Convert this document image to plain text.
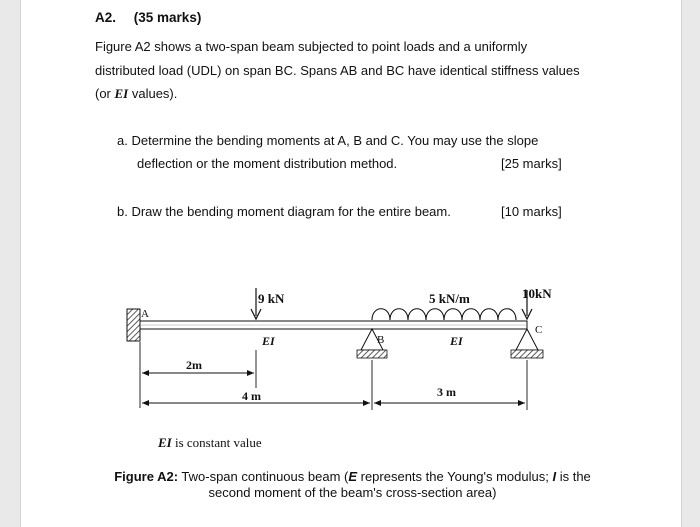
A2. (35 marks)
Figure A2 shows a two-span beam subjected to point loads and a uniformly
distributed load (UDL) on span BC. Spans AB and BC have identical stiffness values
(or EI values).
a. Determine the bending moments at A, B and C. You may use the slope
deflection or the moment distribution method.	[25 marks]
b. Draw the bending moment diagram for the entire beam.	[10 marks]
9 kN	5 kN/m	10kN
A
B
C
EI	EI
2m
4 m	3 m
EI is constant value
Figure A2: Two-span continuous beam (E represents the Young's modulus; I is the
second moment of the beam's cross-section area)
